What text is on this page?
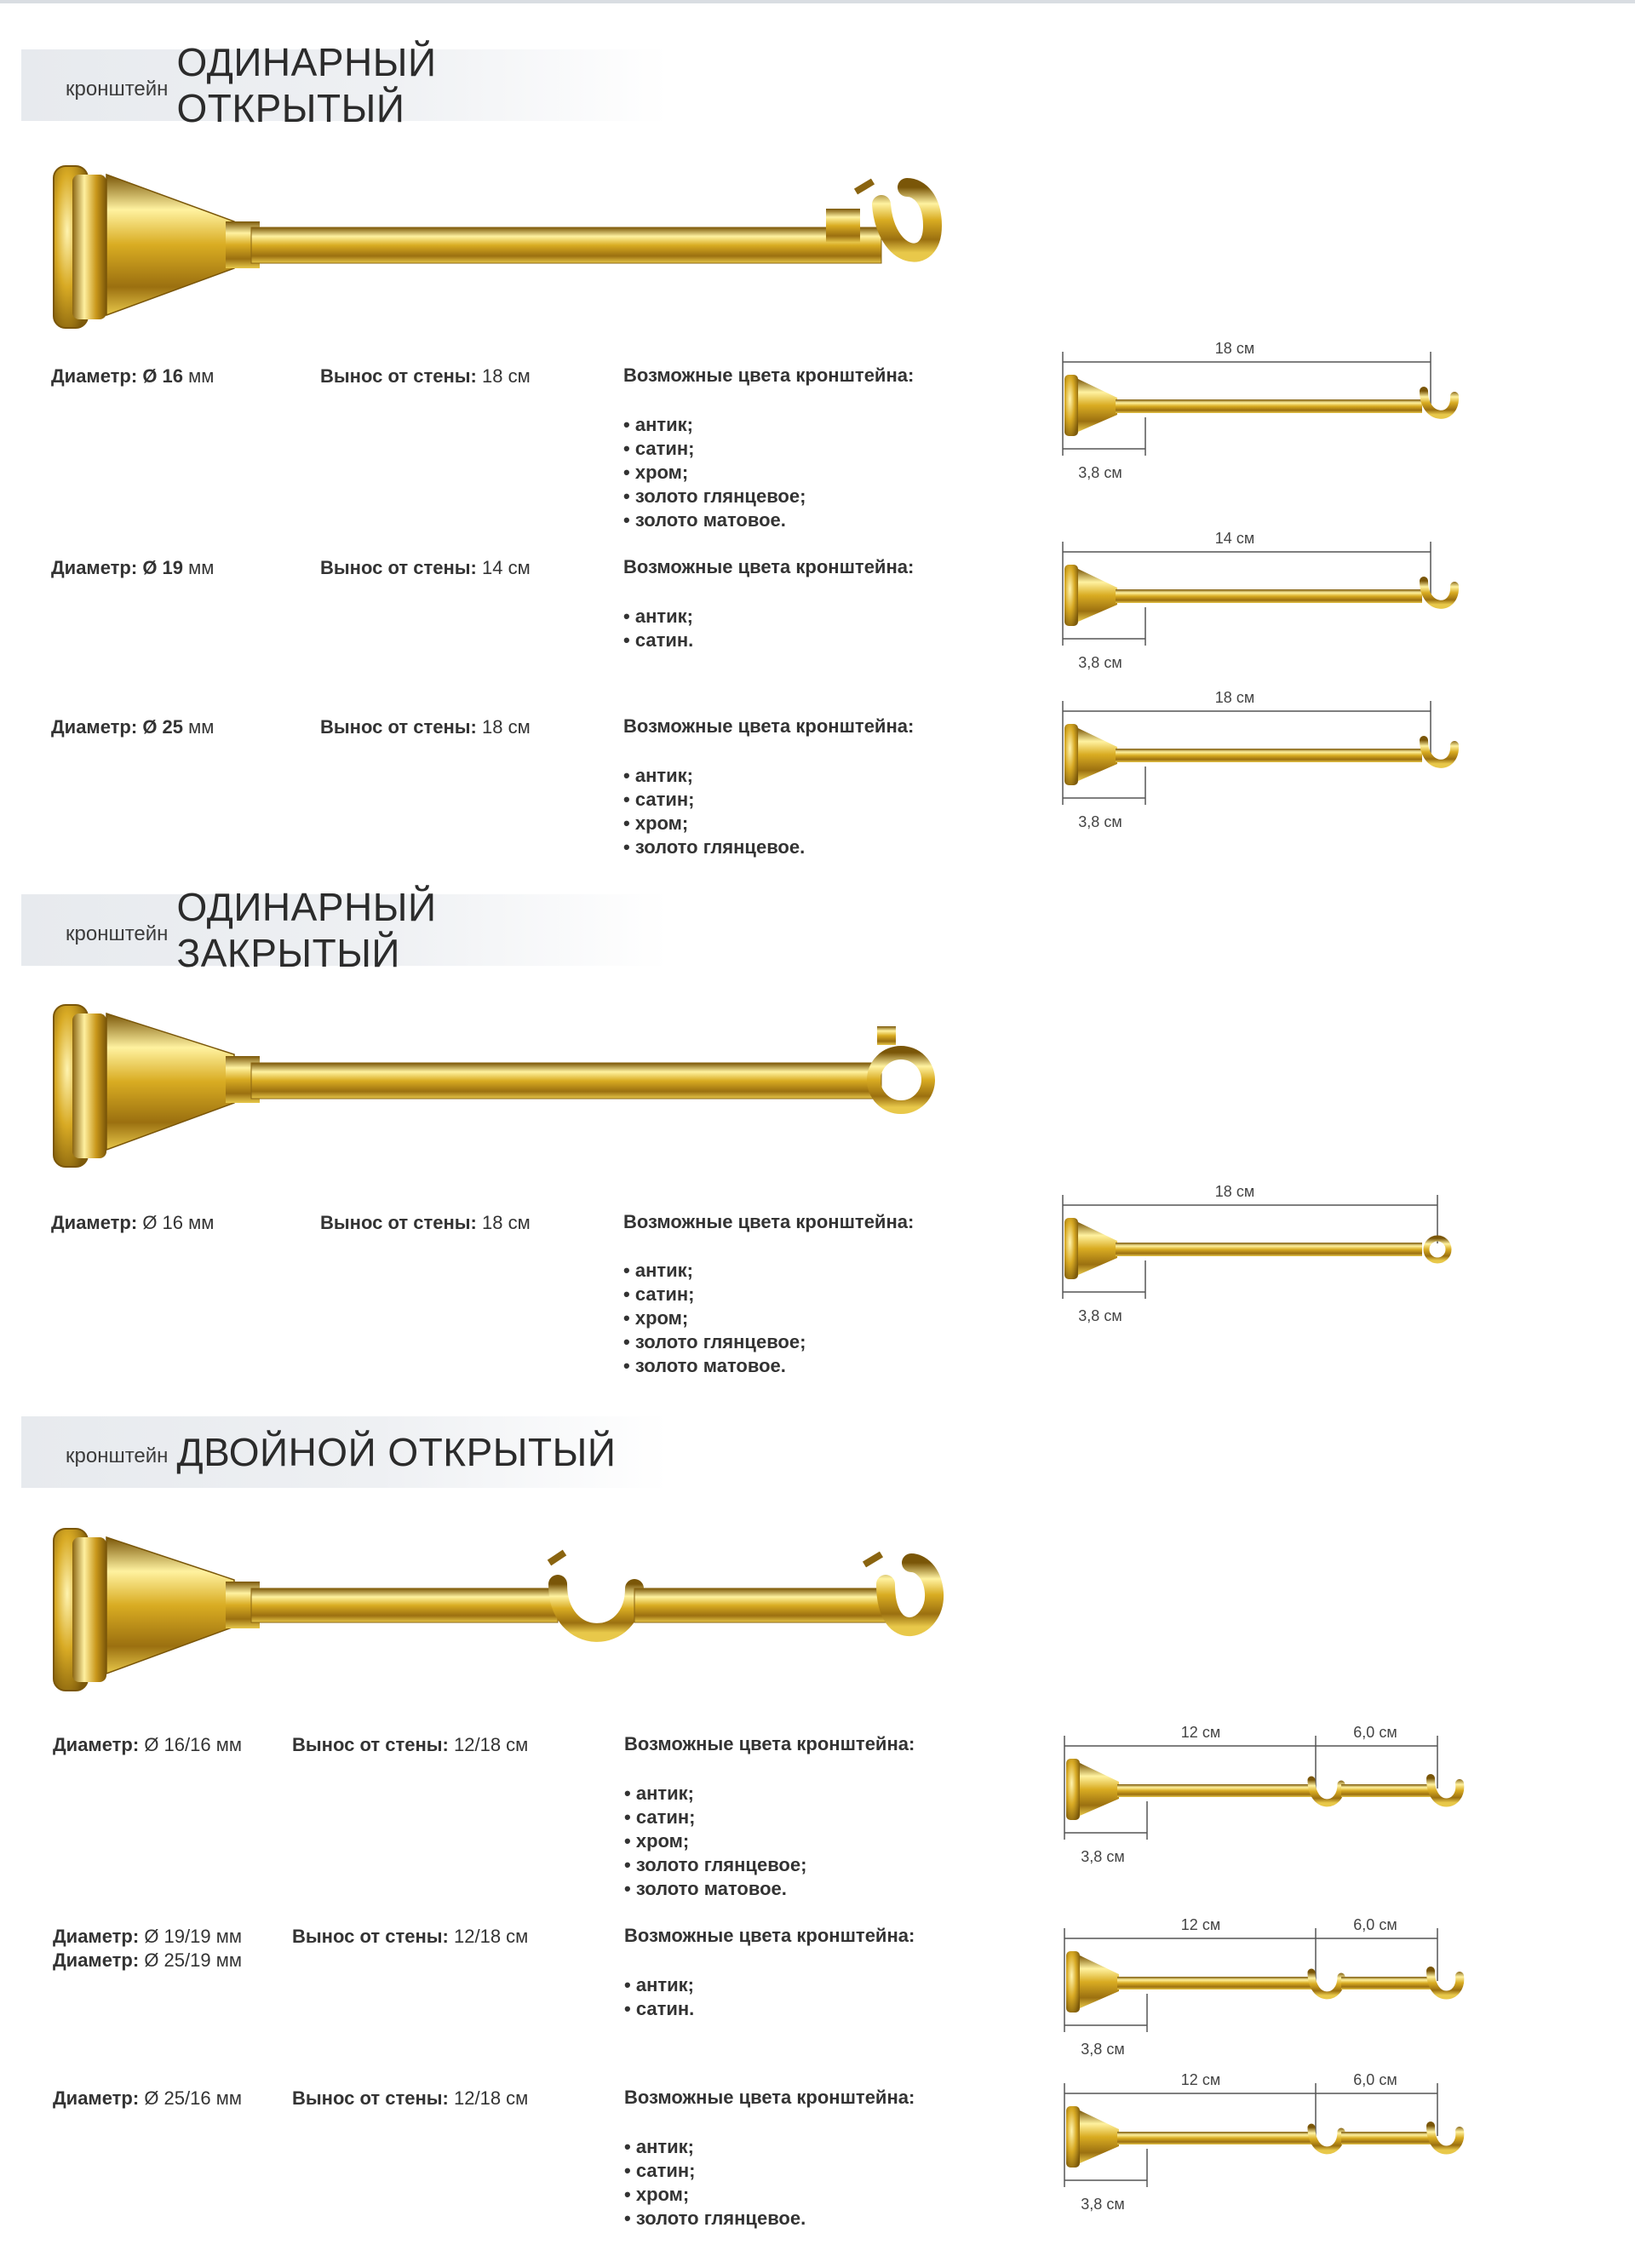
кронштейн
ОДИНАРНЫЙ ОТКРЫТЫЙ
Диаметр: Ø 16 мм	Вынос от стены: 18 см	Возможные цвета кронштейна:
• антик;
• сатин;
• хром;
• золото глянцевое;
• золото матовое.
18 см
3,8 см
Диаметр: Ø 19 мм	Вынос от стены: 14 см	Возможные цвета кронштейна:
• антик;
• сатин.
14 см
3,8 см
Диаметр: Ø 25 мм	Вынос от стены: 18 см	Возможные цвета кронштейна:
• антик;
• сатин;
• хром;
• золото глянцевое.
18 см
3,8 см
кронштейн
ОДИНАРНЫЙ ЗАКРЫТЫЙ
Диаметр: Ø 16 мм	Вынос от стены: 18 см	Возможные цвета кронштейна:
• антик;
• сатин;
• хром;
• золото глянцевое;
• золото матовое.
18 см
3,8 см
кронштейн ДВОЙНОЙ ОТКРЫТЫЙ
Диаметр: Ø 16/16 мм	Вынос от стены: 12/18 см	Возможные цвета кронштейна:
• антик;
• сатин;
• хром;
• золото глянцевое;
• золото матовое.
12 см	6,0 см
3,8 см
Диаметр: Ø 19/19 мм
Диаметр: Ø 25/19 мм
Вынос от стены: 12/18 см	Возможные цвета кронштейна:
• антик;
• сатин.
12 см	6,0 см
3,8 см
Диаметр: Ø 25/16 мм	Вынос от стены: 12/18 см	Возможные цвета кронштейна:
• антик;
• сатин;
• хром;
• золото глянцевое.
12 см	6,0 см
3,8 см
